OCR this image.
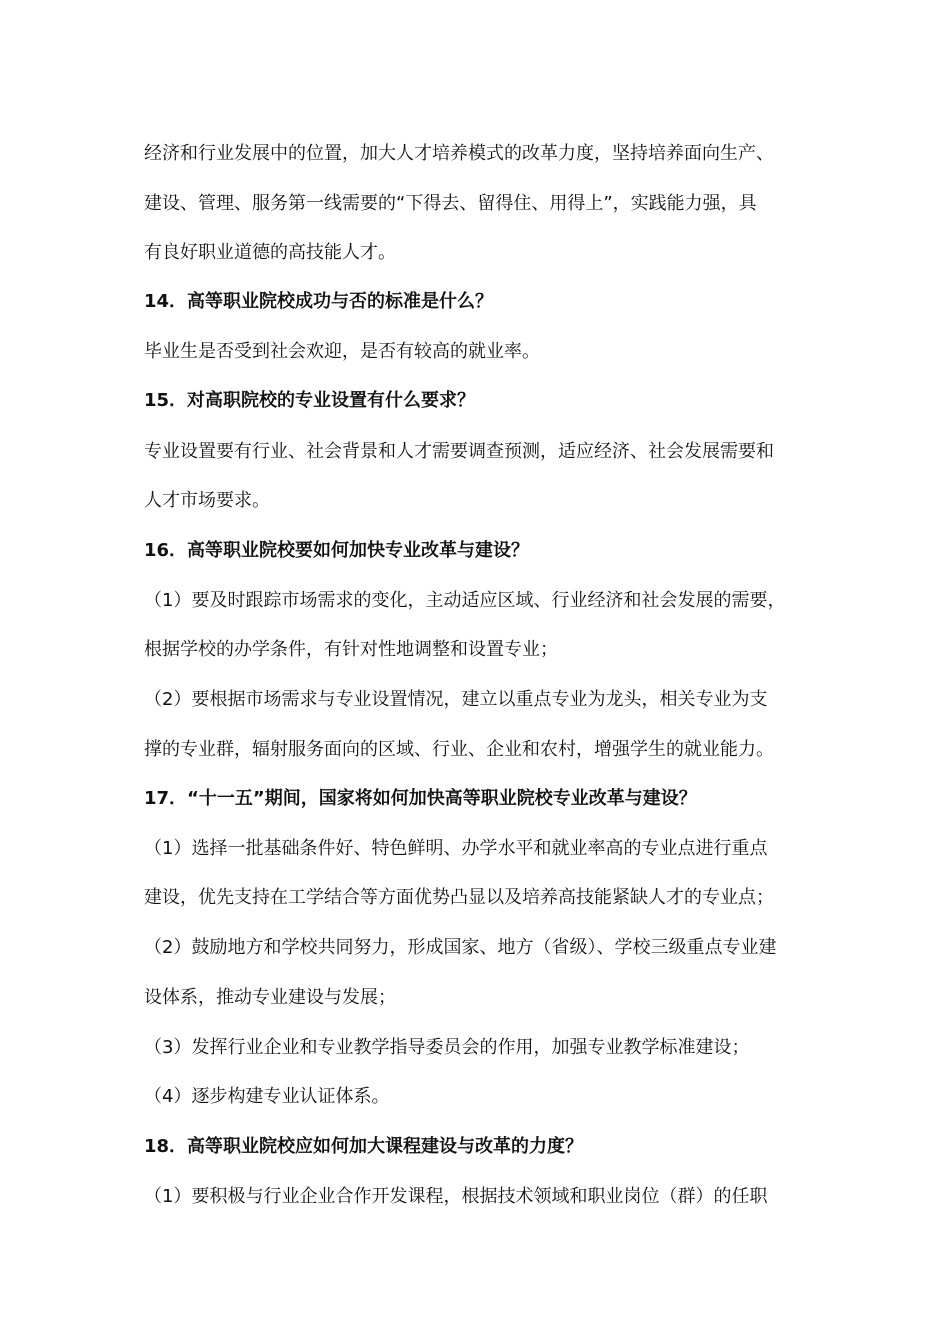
经济和行业发展中的位置，加大人才培养模式的改革力度，坚持培养面向生产、
建设、管理、服务第一线需要的“下得去、留得住、用得上”，实践能力强，具
有良好职业道德的高技能人才。
14．高等职业院校成功与否的标准是什么？
毕业生是否受到社会欢迎，是否有较高的就业率。
15．对高职院校的专业设置有什么要求？
专业设置要有行业、社会背景和人才需要调查预测，适应经济、社会发展需要和
人才市场要求。
16．高等职业院校要如何加快专业改革与建设？
（1）要及时跟踪市场需求的变化，主动适应区域、行业经济和社会发展的需要，
根据学校的办学条件，有针对性地调整和设置专业；
（2）要根据市场需求与专业设置情况，建立以重点专业为龙头，相关专业为支
撑的专业群，辐射服务面向的区域、行业、企业和农村，增强学生的就业能力。
17．“十一五”期间，国家将如何加快高等职业院校专业改革与建设？
（1）选择一批基础条件好、特色鲜明、办学水平和就业率高的专业点进行重点
建设，优先支持在工学结合等方面优势凸显以及培养高技能紧缺人才的专业点；
（2）鼓励地方和学校共同努力，形成国家、地方（省级）、学校三级重点专业建
设体系，推动专业建设与发展；
（3）发挥行业企业和专业教学指导委员会的作用，加强专业教学标准建设；
（4）逐步构建专业认证体系。
18．高等职业院校应如何加大课程建设与改革的力度？
（1）要积极与行业企业合作开发课程，根据技术领域和职业岗位（群）的任职
